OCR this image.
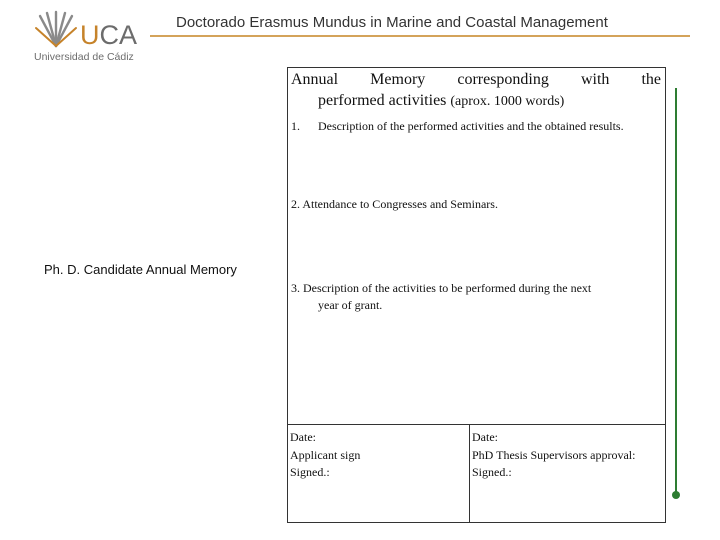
UCA
Universidad de Cádiz
Doctorado Erasmus Mundus in Marine and Coastal Management
Ph. D. Candidate Annual Memory
Annual Memory corresponding with the
performed activities (aprox. 1000 words)
1.	Description of the performed activities and the obtained results.
2. Attendance to Congresses and Seminars.
3. Description of the activities to be performed during the next
year of grant.
Date:
Applicant sign
Signed.:
Date:
PhD Thesis Supervisors approval:
Signed.:
